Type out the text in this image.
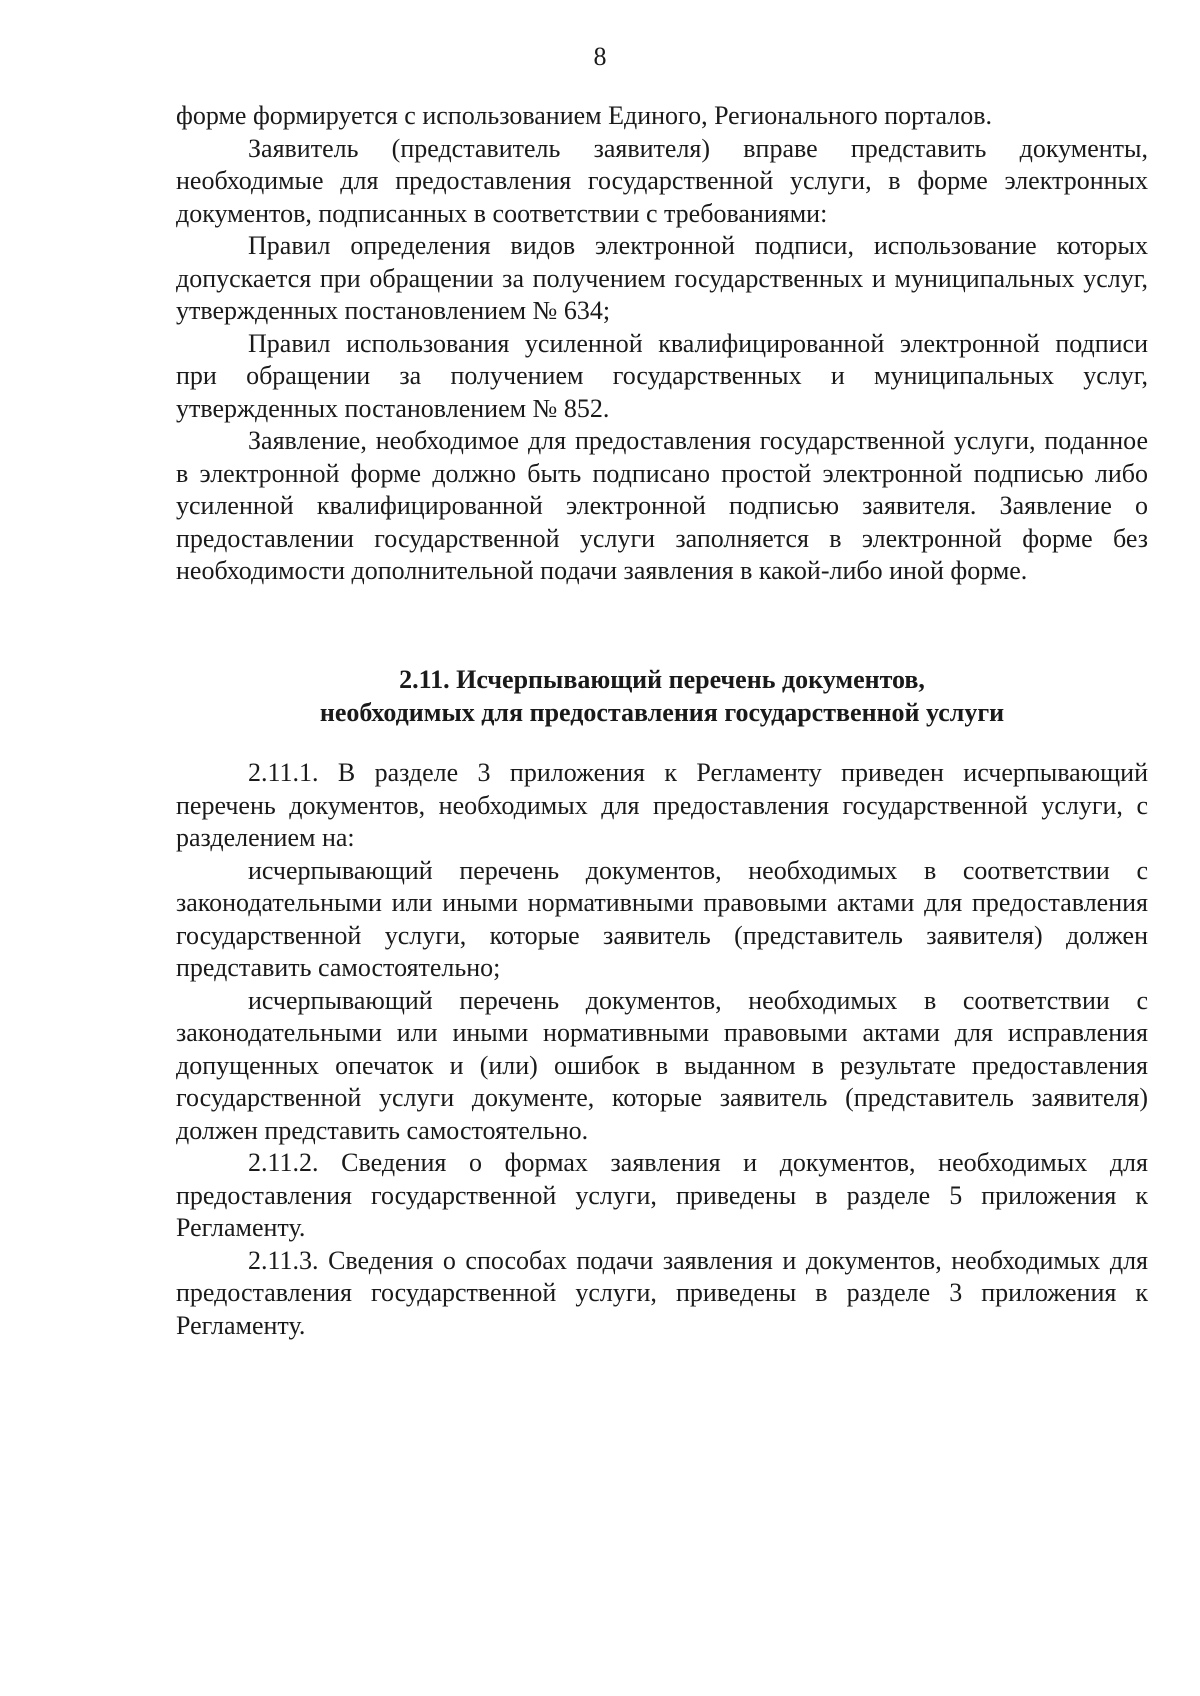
8

форме формируется с использованием Единого, Регионального порталов.

Заявитель (представитель заявителя) вправе представить документы, необходимые для предоставления государственной услуги, в форме электронных документов, подписанных в соответствии с требованиями:

Правил определения видов электронной подписи, использование которых допускается при обращении за получением государственных и муниципальных услуг, утвержденных постановлением № 634;

Правил использования усиленной квалифицированной электронной подписи при обращении за получением государственных и муниципальных услуг, утвержденных постановлением № 852.

Заявление, необходимое для предоставления государственной услуги, поданное в электронной форме должно быть подписано простой электронной подписью либо усиленной квалифицированной электронной подписью заявителя. Заявление о предоставлении государственной услуги заполняется в электронной форме без необходимости дополнительной подачи заявления в какой-либо иной форме.

2.11. Исчерпывающий перечень документов,
необходимых для предоставления государственной услуги

2.11.1. В разделе 3 приложения к Регламенту приведен исчерпывающий перечень документов, необходимых для предоставления государственной услуги, с разделением на:

исчерпывающий перечень документов, необходимых в соответствии с законодательными или иными нормативными правовыми актами для предоставления государственной услуги, которые заявитель (представитель заявителя) должен представить самостоятельно;

исчерпывающий перечень документов, необходимых в соответствии с законодательными или иными нормативными правовыми актами для исправления допущенных опечаток и (или) ошибок в выданном в результате предоставления государственной услуги документе, которые заявитель (представитель заявителя) должен представить самостоятельно.

2.11.2. Сведения о формах заявления и документов, необходимых для предоставления государственной услуги, приведены в разделе 5 приложения к Регламенту.

2.11.3. Сведения о способах подачи заявления и документов, необходимых для предоставления государственной услуги, приведены в разделе 3 приложения к Регламенту.
